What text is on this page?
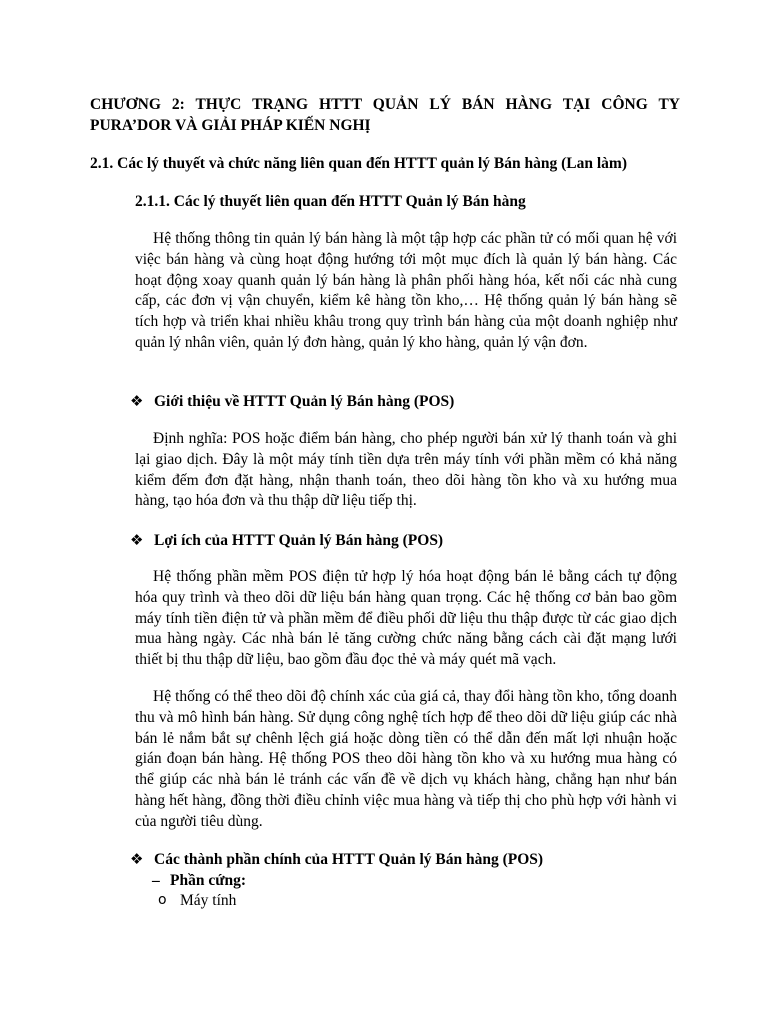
CHƯƠNG 2: THỰC TRẠNG HTTT QUẢN LÝ BÁN HÀNG TẠI CÔNG TY PURA’DOR VÀ GIẢI PHÁP KIẾN NGHỊ
2.1. Các lý thuyết và chức năng liên quan đến HTTT quản lý Bán hàng (Lan làm)
2.1.1. Các lý thuyết liên quan đến HTTT Quản lý Bán hàng
Hệ thống thông tin quản lý bán hàng là một tập hợp các phần tử có mối quan hệ với việc bán hàng và cùng hoạt động hướng tới một mục đích là quản lý bán hàng. Các hoạt động xoay quanh quản lý bán hàng là phân phối hàng hóa, kết nối các nhà cung cấp, các đơn vị vận chuyển, kiểm kê hàng tồn kho,… Hệ thống quản lý bán hàng sẽ tích hợp và triển khai nhiều khâu trong quy trình bán hàng của một doanh nghiệp như quản lý nhân viên, quản lý đơn hàng, quản lý kho hàng, quản lý vận đơn.
❖ Giới thiệu về HTTT Quản lý Bán hàng (POS)
Định nghĩa: POS hoặc điểm bán hàng, cho phép người bán xử lý thanh toán và ghi lại giao dịch. Đây là một máy tính tiền dựa trên máy tính với phần mềm có khả năng kiểm đếm đơn đặt hàng, nhận thanh toán, theo dõi hàng tồn kho và xu hướng mua hàng, tạo hóa đơn và thu thập dữ liệu tiếp thị.
❖ Lợi ích của HTTT Quản lý Bán hàng (POS)
Hệ thống phần mềm POS điện tử hợp lý hóa hoạt động bán lẻ bằng cách tự động hóa quy trình và theo dõi dữ liệu bán hàng quan trọng. Các hệ thống cơ bản bao gồm máy tính tiền điện tử và phần mềm để điều phối dữ liệu thu thập được từ các giao dịch mua hàng ngày. Các nhà bán lẻ tăng cường chức năng bằng cách cài đặt mạng lưới thiết bị thu thập dữ liệu, bao gồm đầu đọc thẻ và máy quét mã vạch.
Hệ thống có thể theo dõi độ chính xác của giá cả, thay đổi hàng tồn kho, tổng doanh thu và mô hình bán hàng. Sử dụng công nghệ tích hợp để theo dõi dữ liệu giúp các nhà bán lẻ nắm bắt sự chênh lệch giá hoặc dòng tiền có thể dẫn đến mất lợi nhuận hoặc gián đoạn bán hàng. Hệ thống POS theo dõi hàng tồn kho và xu hướng mua hàng có thể giúp các nhà bán lẻ tránh các vấn đề về dịch vụ khách hàng, chẳng hạn như bán hàng hết hàng, đồng thời điều chỉnh việc mua hàng và tiếp thị cho phù hợp với hành vi của người tiêu dùng.
❖ Các thành phần chính của HTTT Quản lý Bán hàng (POS)
– Phần cứng:
o Máy tính
